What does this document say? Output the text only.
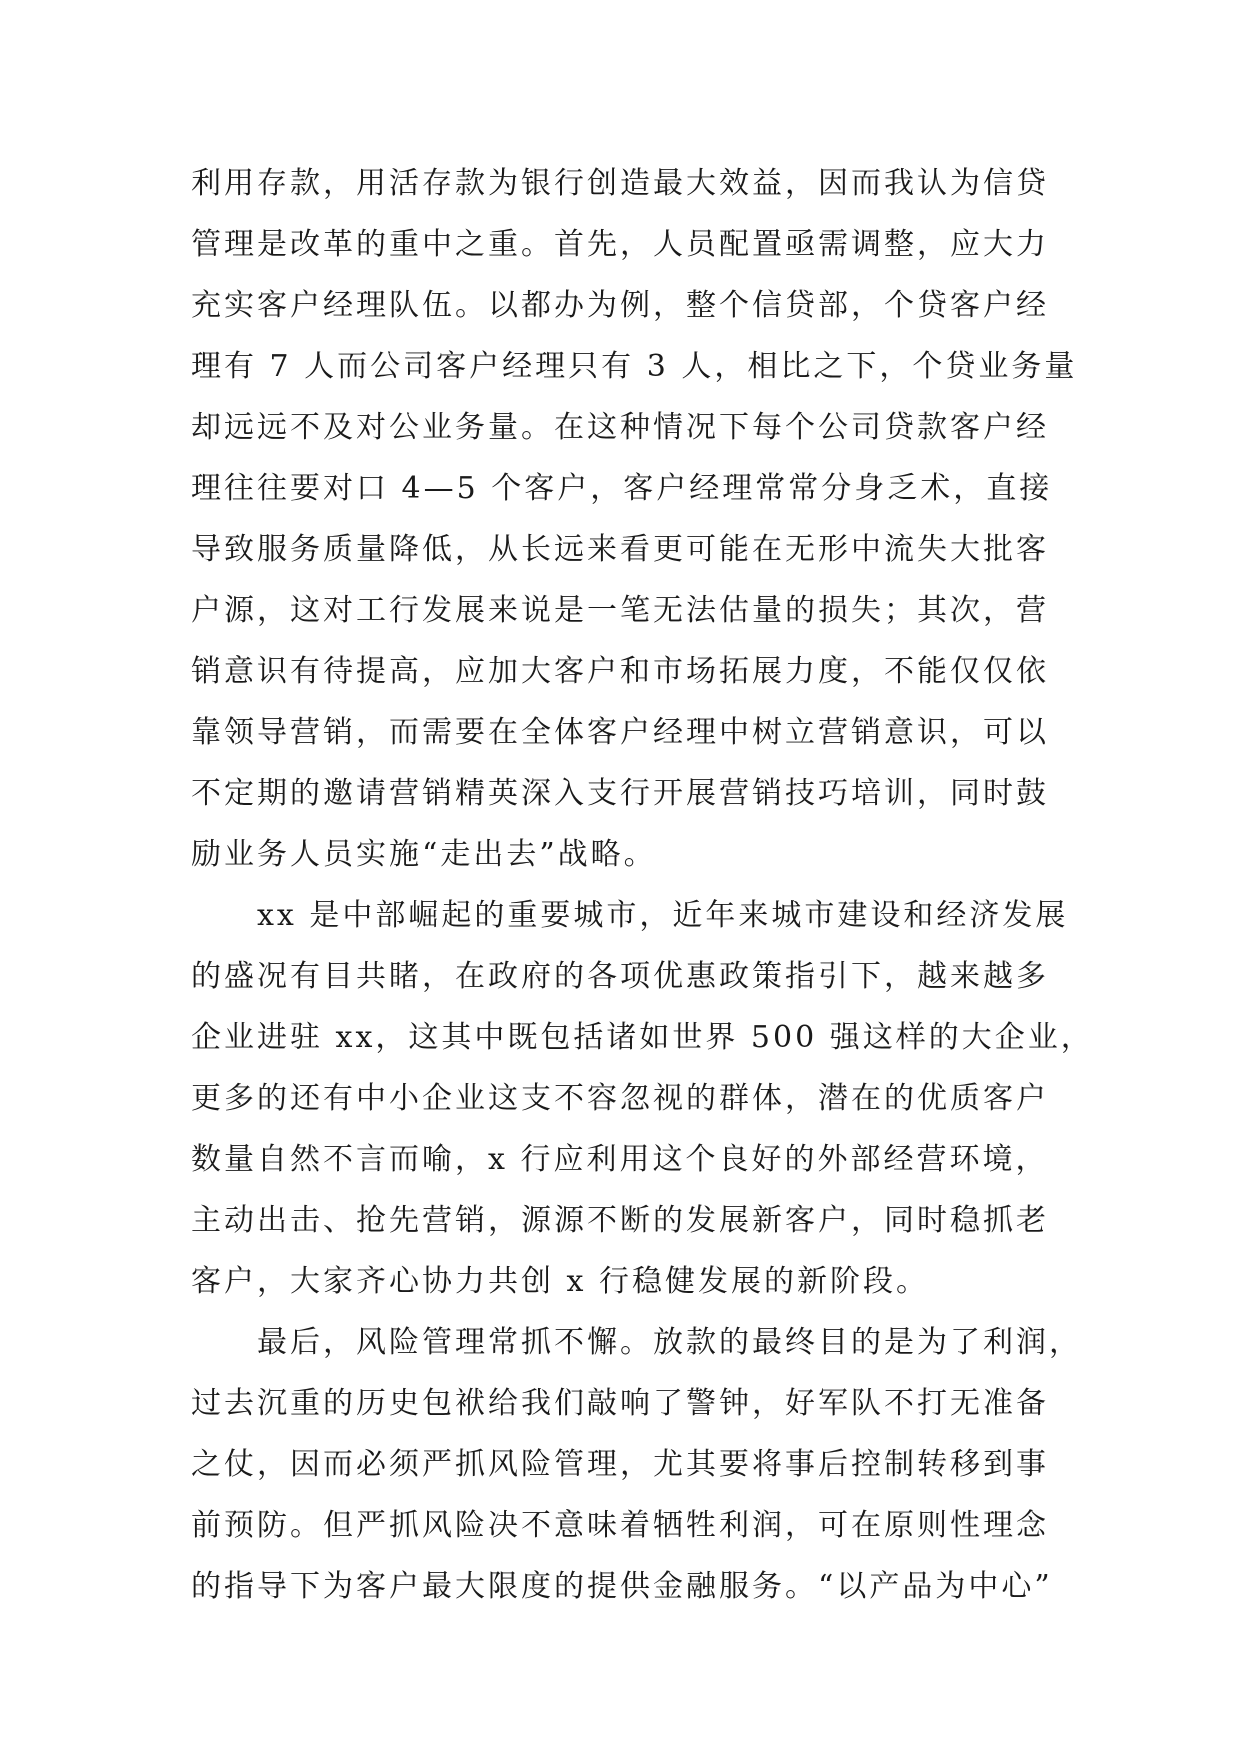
利用存款，用活存款为银行创造最大效益，因而我认为信贷
管理是改革的重中之重。首先，人员配置亟需调整，应大力
充实客户经理队伍。以都办为例，整个信贷部，个贷客户经
理有 7 人而公司客户经理只有 3 人，相比之下，个贷业务量
却远远不及对公业务量。在这种情况下每个公司贷款客户经
理往往要对口 4—5 个客户，客户经理常常分身乏术，直接
导致服务质量降低，从长远来看更可能在无形中流失大批客
户源，这对工行发展来说是一笔无法估量的损失；其次，营
销意识有待提高，应加大客户和市场拓展力度，不能仅仅依
靠领导营销，而需要在全体客户经理中树立营销意识，可以
不定期的邀请营销精英深入支行开展营销技巧培训，同时鼓
励业务人员实施“走出去”战略。
xx 是中部崛起的重要城市，近年来城市建设和经济发展
的盛况有目共睹，在政府的各项优惠政策指引下，越来越多
企业进驻 xx，这其中既包括诸如世界 500 强这样的大企业，
更多的还有中小企业这支不容忽视的群体，潜在的优质客户
数量自然不言而喻，x 行应利用这个良好的外部经营环境，
主动出击、抢先营销，源源不断的发展新客户，同时稳抓老
客户，大家齐心协力共创 x 行稳健发展的新阶段。
最后，风险管理常抓不懈。放款的最终目的是为了利润，
过去沉重的历史包袱给我们敲响了警钟，好军队不打无准备
之仗，因而必须严抓风险管理，尤其要将事后控制转移到事
前预防。但严抓风险决不意味着牺牲利润，可在原则性理念
的指导下为客户最大限度的提供金融服务。“以产品为中心”
